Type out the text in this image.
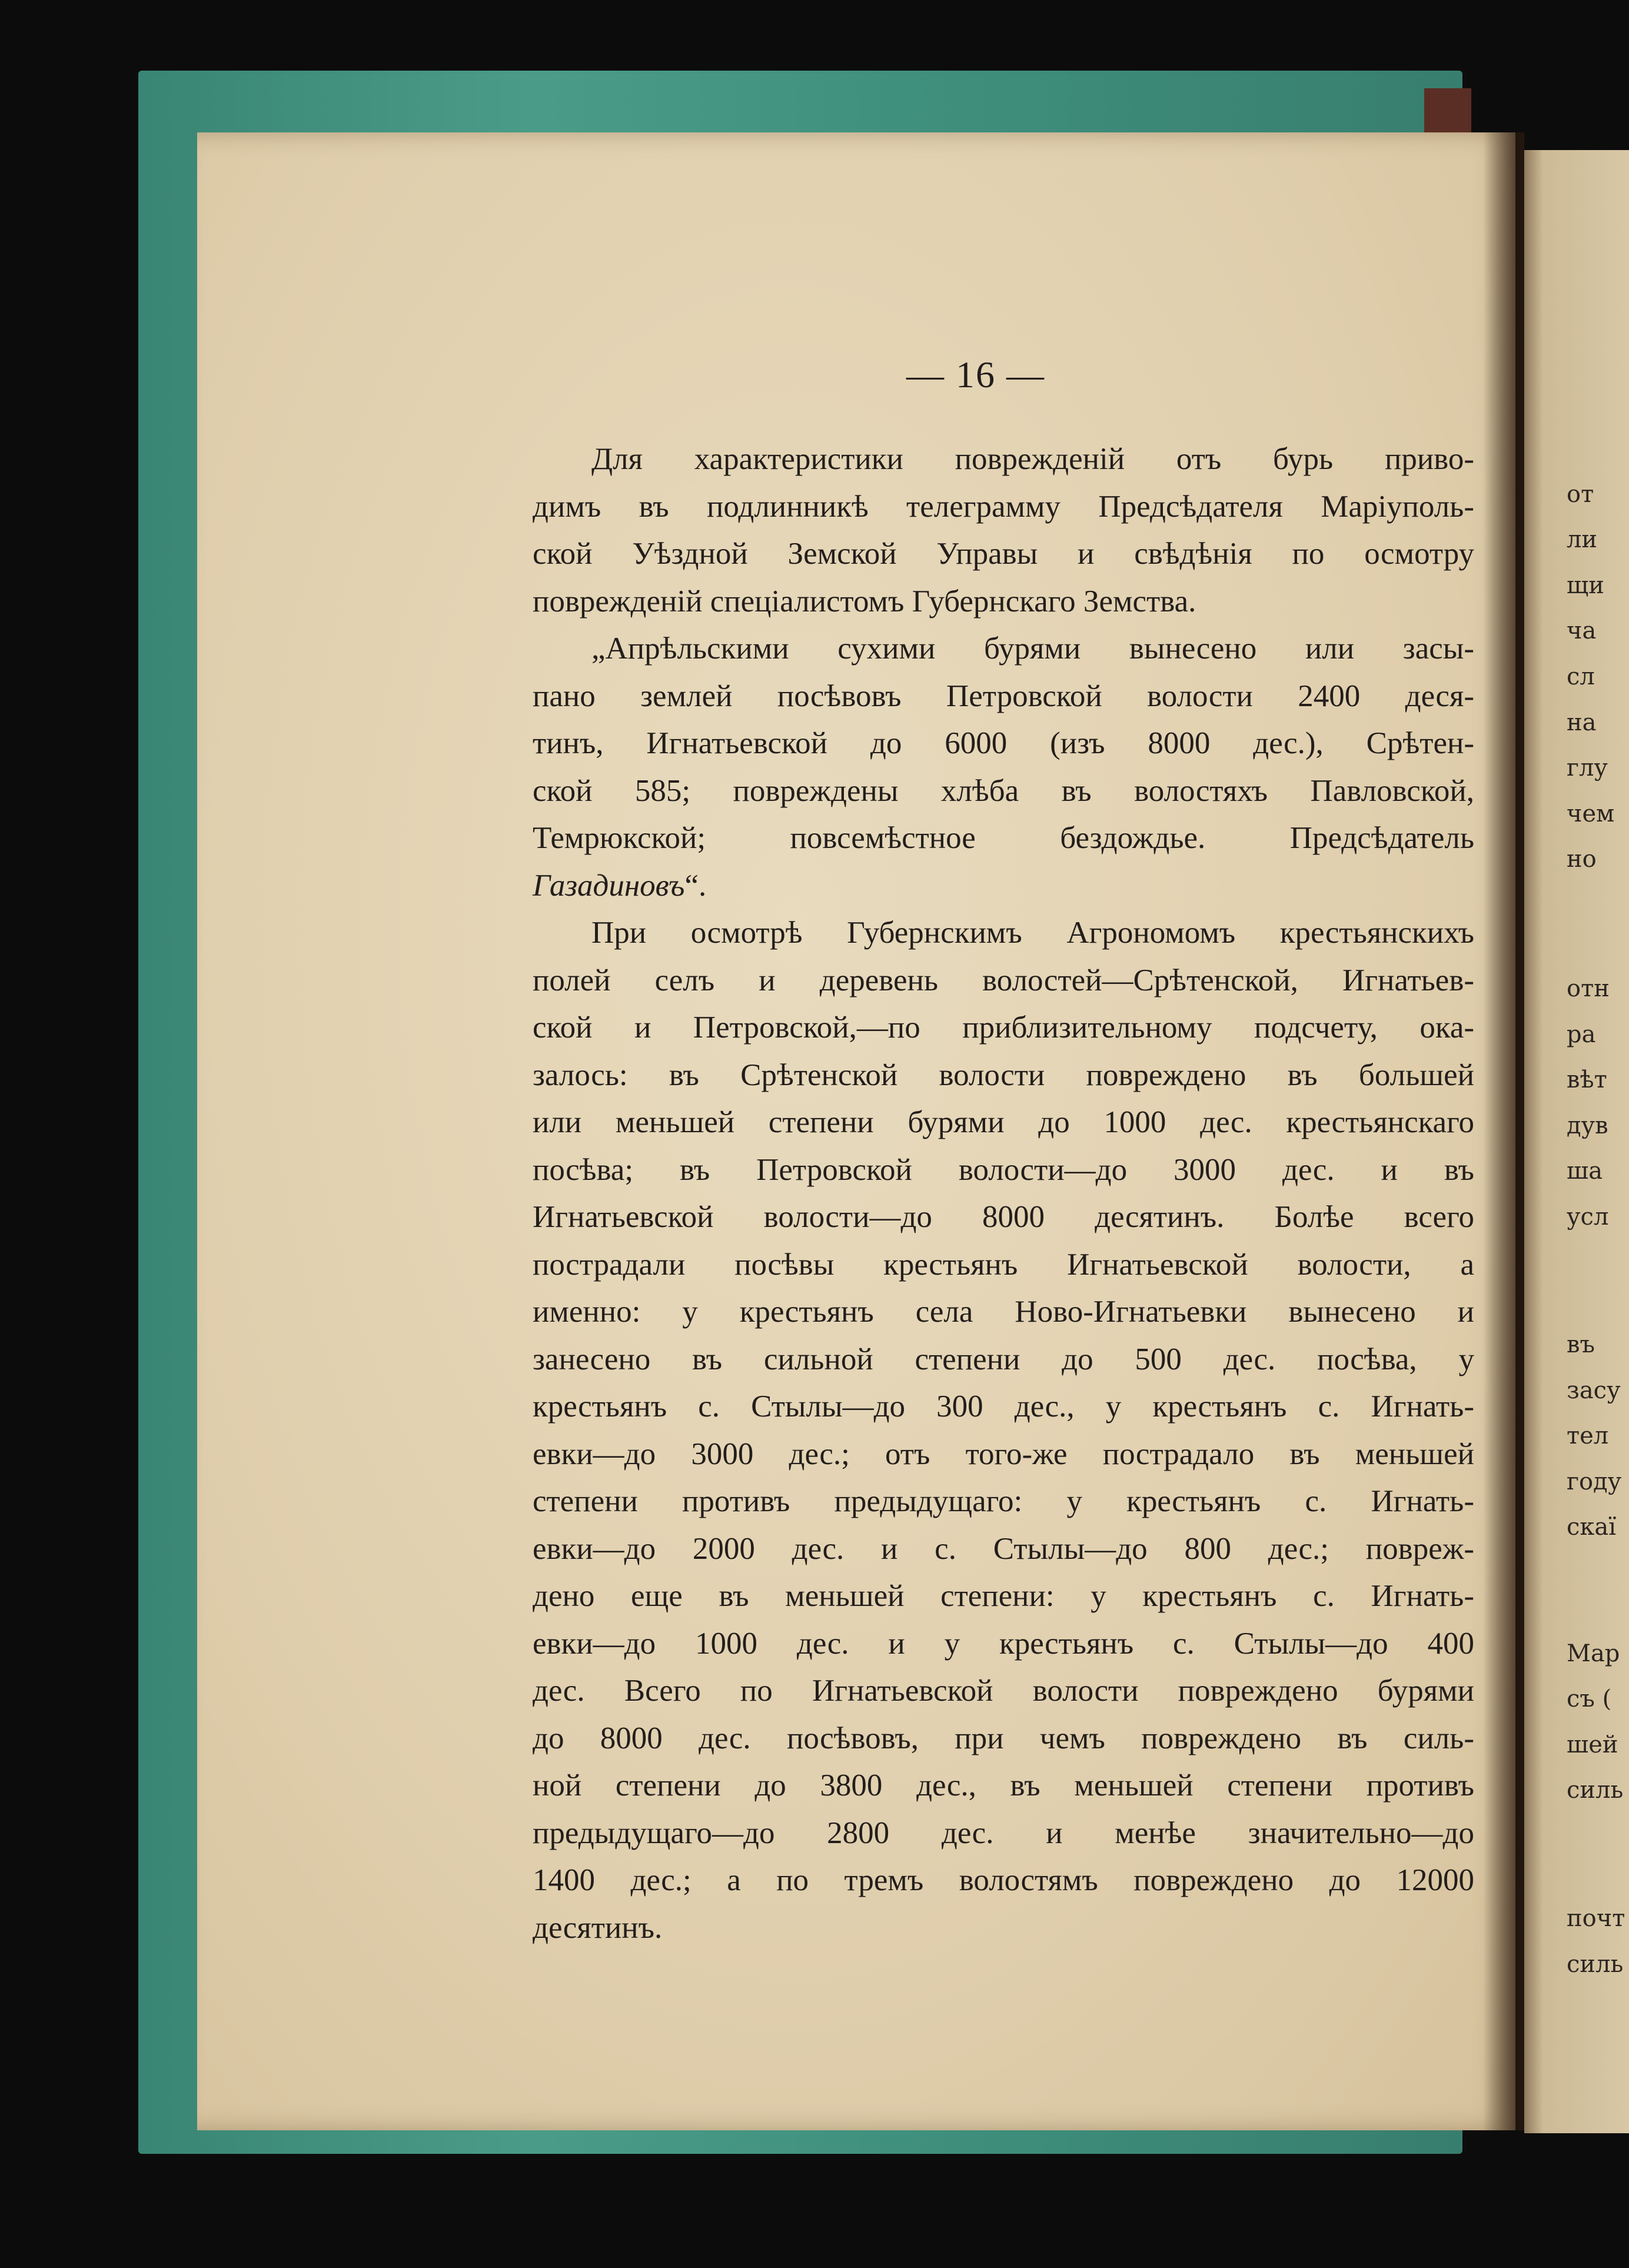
от
ли
щи
ча
сл
на
глу
чем
но
отн
ра
вѣт
дув
ша
усл
въ
засу
тел
году
скаї
Мар
съ (
шей
силь
почт
силь
— 16 —
Для характеристики поврежденій отъ бурь приво-
димъ въ подлинникѣ телеграмму Предсѣдателя Маріуполь-
ской Уѣздной Земской Управы и свѣдѣнія по осмотру
поврежденій спеціалистомъ Губернскаго Земства.
„Апрѣльскими сухими бурями вынесено или засы-
пано землей посѣвовъ Петровской волости 2400 деся-
тинъ, Игнатьевской до 6000 (изъ 8000 дес.), Срѣтен-
ской 585; повреждены хлѣба въ волостяхъ Павловской,
Темрюкской; повсемѣстное бездождье. Предсѣдатель
Газадиновъ“.
При осмотрѣ Губернскимъ Агрономомъ крестьянскихъ
полей селъ и деревень волостей—Срѣтенской, Игнатьев-
ской и Петровской,—по приблизительному подсчету, ока-
залось: въ Срѣтенской волости повреждено въ большей
или меньшей степени бурями до 1000 дес. крестьянскаго
посѣва; въ Петровской волости—до 3000 дес. и въ
Игнатьевской волости—до 8000 десятинъ. Болѣе всего
пострадали посѣвы крестьянъ Игнатьевской волости, а
именно: у крестьянъ села Ново-Игнатьевки вынесено и
занесено въ сильной степени до 500 дес. посѣва, у
крестьянъ с. Стылы—до 300 дес., у крестьянъ с. Игнать-
евки—до 3000 дес.; отъ того-же пострадало въ меньшей
степени противъ предыдущаго: у крестьянъ с. Игнать-
евки—до 2000 дес. и с. Стылы—до 800 дес.; повреж-
дено еще въ меньшей степени: у крестьянъ с. Игнать-
евки—до 1000 дес. и у крестьянъ с. Стылы—до 400
дес. Всего по Игнатьевской волости повреждено бурями
до 8000 дес. посѣвовъ, при чемъ повреждено въ силь-
ной степени до 3800 дес., въ меньшей степени противъ
предыдущаго—до 2800 дес. и менѣе значительно—до
1400 дес.; а по тремъ волостямъ повреждено до 12000
десятинъ.
